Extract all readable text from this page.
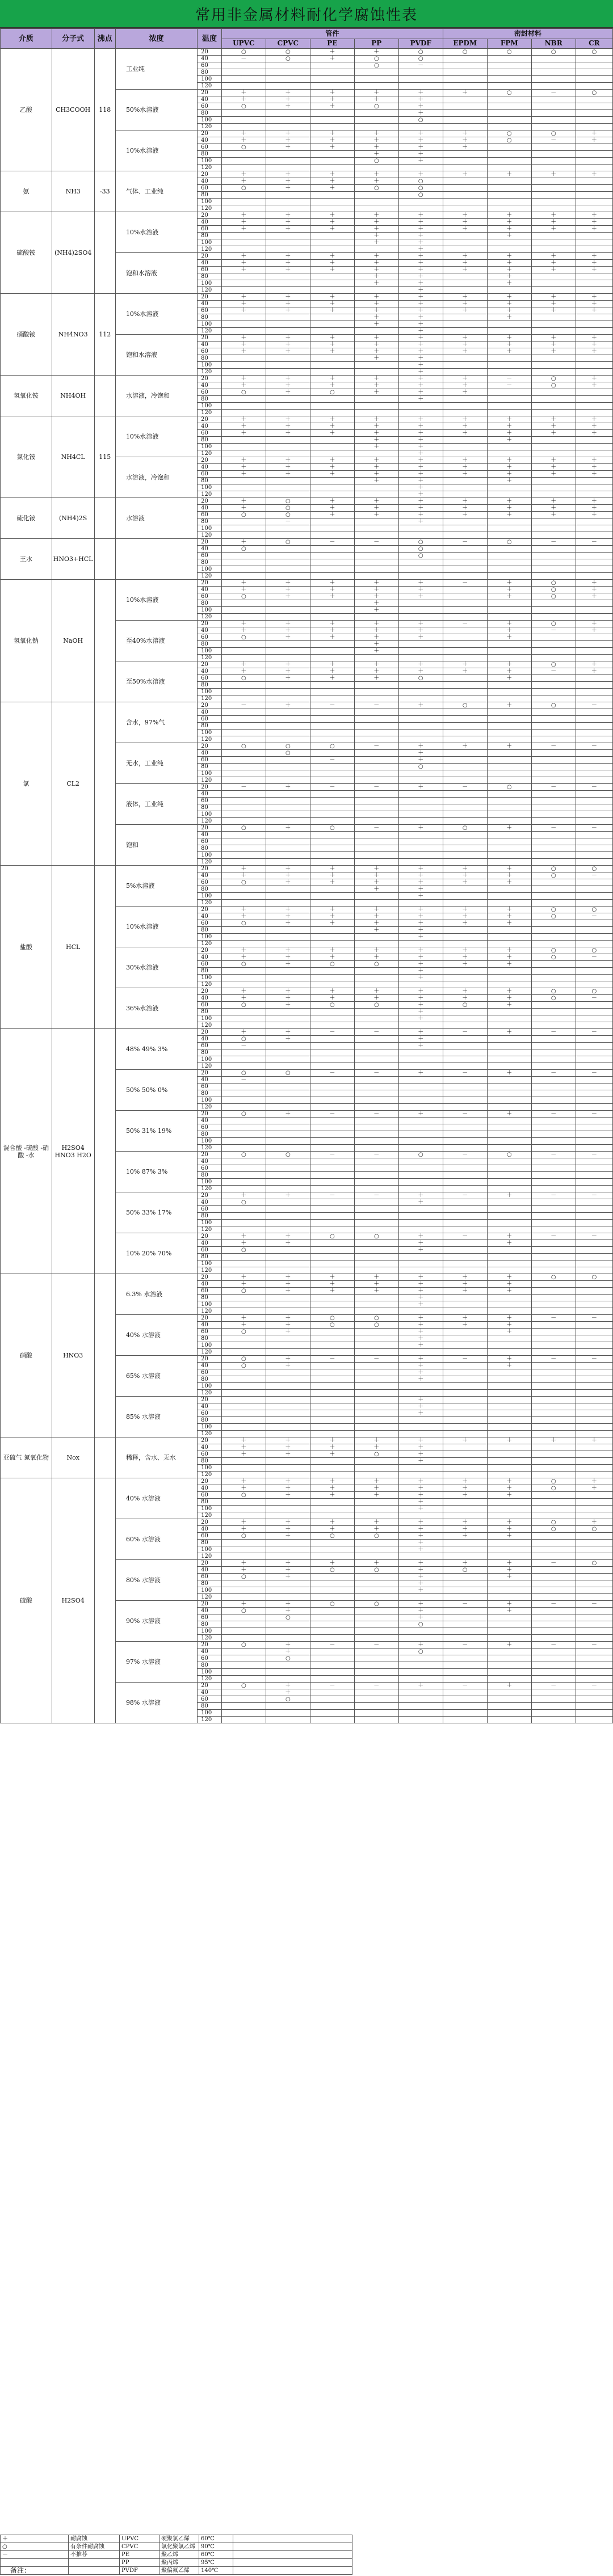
常用非金属材料耐化学腐蚀性表
介质	分子式	沸点	浓度	温度	管件					密封材料			
					UPVC	CPVC	PE	PP	PVDF	EPDM	FPM	NBR	CR
乙酸	CH3COOH	118	工业纯	20	○	○	＋	＋	○	○	○	○	○
				40	－	○	＋	○	○				
				60				○	－				
				80									
				100									
				120									
			50%水溶液	20	＋	＋	＋	＋	＋	＋	○	－	○
				40	＋	＋	＋	＋	＋				
				60	○	＋	＋	○	＋				
				80					＋				
				100					○				
				120									
			10%水溶液	20	＋	＋	＋	＋	＋	＋	○	○	＋
				40	＋	＋	＋	＋	＋	＋	○	－	＋
				60	○	＋	＋	＋	＋	＋			
				80				＋	＋				
				100				○	＋				
				120									
氨	NH3	-33	气体、工业纯	20	＋	＋	＋	＋	＋	＋	＋	＋	＋
				40	＋	＋	＋	＋	○				
				60	○	＋	＋	○	○				
				80					○				
				100									
				120									
硫酸铵	(NH4)2SO4		10%水溶液	20	＋	＋	＋	＋	＋	＋	＋	＋	＋
				40	＋	＋	＋	＋	＋	＋	＋	＋	＋
				60	＋	＋	＋	＋	＋	＋	＋	＋	＋
				80				＋	＋		＋		
				100				＋	＋				
				120					＋				
			饱和水溶液	20	＋	＋	＋	＋	＋	＋	＋	＋	＋
				40	＋	＋	＋	＋	＋	＋	＋	＋	＋
				60	＋	＋	＋	＋	＋	＋	＋	＋	＋
				80				＋	＋		＋		
				100				＋	＋		＋		
				120					＋				
硝酸铵	NH4NO3	112	10%水溶液	20	＋	＋	＋	＋	＋	＋	＋	＋	＋
				40	＋	＋	＋	＋	＋	＋	＋	＋	＋
				60	＋	＋	＋	＋	＋	＋	＋	＋	＋
				80				＋	＋		＋		
				100				＋	＋				
				120					＋				
			饱和水溶液	20	＋	＋	＋	＋	＋	＋	＋	＋	＋
				40	＋	＋	＋	＋	＋	＋	＋	＋	＋
				60	＋	＋	＋	＋	＋	＋	＋	＋	＋
				80				＋	＋				
				100					＋				
				120					＋				
氢氧化铵	NH4OH		水溶液，冷饱和	20	＋	＋	＋	＋	＋	＋	－	○	＋
				40	＋	＋	＋	＋	＋	＋	－	○	＋
				60	○	＋	○	＋	＋	＋			
				80					＋				
				100									
				120									
氯化铵	NH4CL	115	10%水溶液	20	＋	＋	＋	＋	＋	＋	＋	＋	＋
				40	＋	＋	＋	＋	＋	＋	＋	＋	＋
				60	＋	＋	＋	＋	＋	＋	＋	＋	＋
				80				＋	＋		＋		
				100				＋	＋				
				120					＋				
			水溶液，冷饱和	20	＋	＋	＋	＋	＋	＋	＋	＋	＋
				40	＋	＋	＋	＋	＋	＋	＋	＋	＋
				60	＋	＋	＋	＋	＋	＋	＋	＋	＋
				80				＋	＋		＋		
				100					＋				
				120					＋				
硫化铵	(NH4)2S		水溶液	20	＋	○	＋	＋	＋	＋	＋	＋	＋
				40	＋	○	＋	＋	＋	＋	＋	＋	＋
				60	○	○	＋	＋	＋	＋	＋	＋	＋
				80		－			＋				
				100									
				120									
王水	HNO3+HCL			20	＋	○	－	－	○	－	○	－	－
				40	○				○				
				60					○				
				80									
				100									
				120									
氢氧化钠	NaOH		10%水溶液	20	＋	＋	＋	＋	＋	－	＋	○	＋
				40	＋	＋	＋	＋	＋		＋	○	＋
				60	○	＋	＋	＋	＋		＋	○	＋
				80				＋					
				100				＋					
				120									
			至40%水溶液	20	＋	＋	＋	＋	＋	－	＋	○	＋
				40	＋	＋	＋	＋	＋		＋	－	＋
				60	○	＋	＋	＋	＋		＋		
				80				＋					
				100				＋					
				120									
			至50%水溶液	20	＋	＋	＋	＋	＋	＋	＋	○	＋
				40	＋	＋	＋	＋	＋	＋	＋	－	＋
				60	○	＋	＋	＋	○		＋		
				80									
				100									
				120									
氯	CL2		含水，97%气	20	－	＋	－	－	＋	○	＋	○	－
				40									
				60									
				80									
				100									
				120									
			无水，工业纯	20	○	○	○	－	＋	＋	＋	－	－
				40		○			＋				
				60			－		＋				
				80					○				
				100									
				120									
			液体，工业纯	20	－	＋	－	－	＋	－	○	－	－
				40									
				60									
				80									
				100									
				120									
			饱和	20	○	＋	○	－	＋	○	＋	－	－
				40									
				60									
				80									
				100									
				120									
盐酸	HCL		5%水溶液	20	＋	＋	＋	＋	＋	＋	＋	○	○
				40	＋	＋	＋	＋	＋	＋	＋	○	－
				60	○	＋	＋	＋	＋	＋	＋		
				80				＋	＋				
				100					＋				
				120									
			10%水溶液	20	＋	＋	＋	＋	＋	＋	＋	○	○
				40	＋	＋	＋	＋	＋	＋	＋	○	－
				60	○	＋	＋	＋	＋	＋	＋		
				80				＋	＋				
				100					＋				
				120									
			30%水溶液	20	＋	＋	＋	＋	＋	＋	＋	○	○
				40	＋	＋	＋	＋	＋	＋	＋	○	－
				60	○	＋	○	○	＋	＋	＋		
				80					＋				
				100					＋				
				120									
			36%水溶液	20	＋	＋	＋	＋	＋	＋	＋	○	○
				40	＋	＋	＋	＋	＋	＋	＋	○	－
				60	○	＋	○	○	＋	○	＋		
				80					＋				
				100					＋				
				120									
混合酸 -硫酸 -硝酸 -水	H2SO4 HNO3 H2O		48% 49% 3%	20	＋	＋	－	－	＋	－	＋	－	－
				40	○	＋			＋				
				60	－				＋				
				80									
				100									
				120									
			50% 50% 0%	20	○	○	－	－	＋	－	＋	－	－
				40	－								
				60									
				80									
				100									
				120									
			50% 31% 19%	20	○	＋	－	－	＋	－	＋	－	－
				40									
				60									
				80									
				100									
				120									
			10% 87% 3%	20	○	○	－	－	○	－	○	－	－
				40									
				60									
				80									
				100									
				120									
			50% 33% 17%	20	＋	＋	－	－	＋	－	＋	－	－
				40	○				＋				
				60									
				80									
				100									
				120									
			10% 20% 70%	20	＋	＋	○	○	＋	－	＋	－	－
				40	＋	＋			＋		＋		
				60	○				＋				
				80									
				100									
				120									
硝酸	HNO3		6.3% 水溶液	20	＋	＋	＋	＋	＋	＋	＋	○	○
				40	＋	＋	＋	＋	＋	＋	＋		
				60	○	＋	＋	＋	＋	＋	＋		
				80					＋				
				100					＋				
				120									
			40% 水溶液	20	＋	＋	○	○	＋	＋	＋	－	－
				40	＋	＋	○	○	＋	＋	＋		
				60	○	＋			＋		＋		
				80					＋				
				100					＋				
				120									
			65% 水溶液	20	○	＋	－	－	＋	－	＋	－	－
				40	○	＋			＋		＋		
				60					＋				
				80					＋				
				100									
				120									
			85% 水溶液	20					＋				
				40					＋				
				60					＋				
				80									
				100									
				120									
亚硫气 氮氧化物	Nox		稀释，含水、无水	20	＋	＋	＋	＋	＋	＋	＋	＋	＋
				40	＋	＋	＋	＋	＋				
				60	＋	＋	＋	○	＋				
				80					＋				
				100									
				120									
硫酸	H2SO4		40% 水溶液	20	＋	＋	＋	＋	＋	＋	＋	○	＋
				40	＋	＋	＋	＋	＋	＋	＋	○	＋
				60	○	＋	＋	＋	＋	＋	＋		
				80					＋				
				100					＋				
				120									
			60% 水溶液	20	＋	＋	＋	＋	＋	＋	＋	○	＋
				40	＋	＋	＋	＋	＋	＋	＋	○	○
				60	○	＋	○	○	＋	＋	＋		
				80					＋				
				100					＋				
				120									
			80% 水溶液	20	＋	＋	＋	＋	＋	＋	＋	－	○
				40	＋	＋	○	○	＋	○	＋		
				60	○	＋			＋		＋		
				80					＋				
				100					＋				
				120									
			90% 水溶液	20	＋	＋	○	○	＋	－	＋	－	－
				40	○	＋			＋		＋		
				60		○			＋				
				80					○				
				100									
				120									
			97% 水溶液	20	○	＋	－	－	＋	－	＋	－	－
				40		＋			○				
				60		○							
				80									
				100									
				120									
			98% 水溶液	20	○	＋	－	－	＋	－	＋	－	－
				40		＋							
				60		○							
				80									
				100									
				120									
＋	耐腐蚀	UPVC	硬聚氯乙烯	60℃	
○	有条件耐腐蚀	CPVC	氯化聚氯乙烯	90℃	
－	不推荐	PE	聚乙烯	60℃	
		PP	聚丙烯	95℃	
		PVDF	聚偏氟乙烯	140℃	
备注：
